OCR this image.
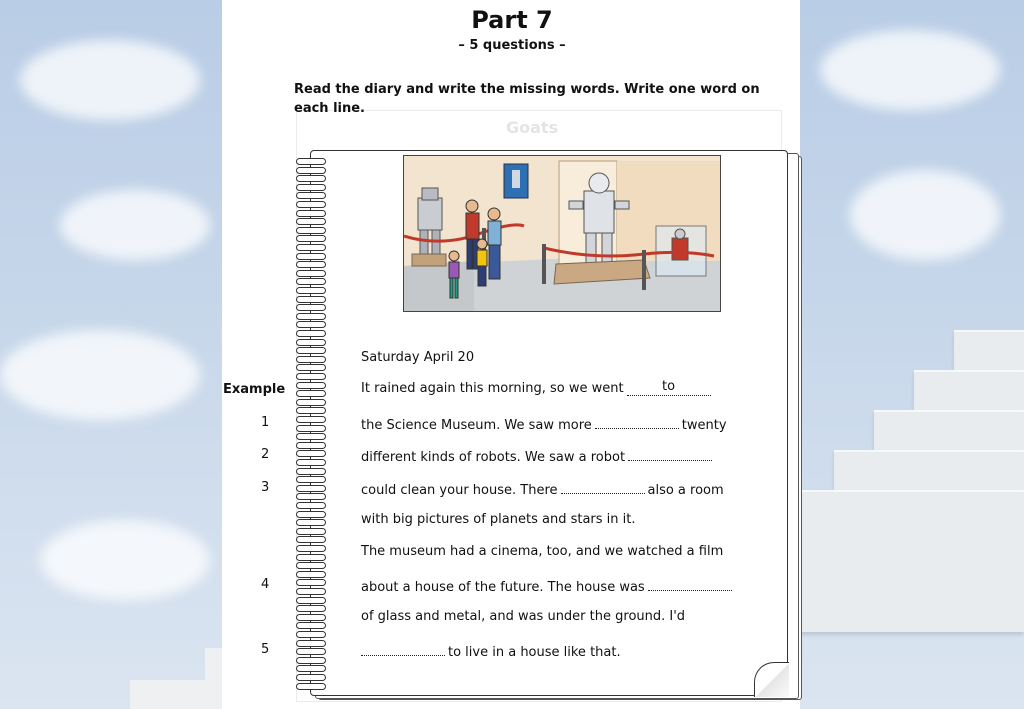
Goats
Part 7
– 5 questions –
Read the diary and write the missing words. Write one word on each line.
Saturday April 20
Example	It rained again this morning, so we went	to
1	the Science Museum. We saw more	twenty
2	different kinds of robots. We saw a robot
3	could clean your house. There	also a room
with big pictures of planets and stars in it.
The museum had a cinema, too, and we watched a film
4	about a house of the future. The house was
of glass and metal, and was under the ground. I'd
5	to live in a house like that.
